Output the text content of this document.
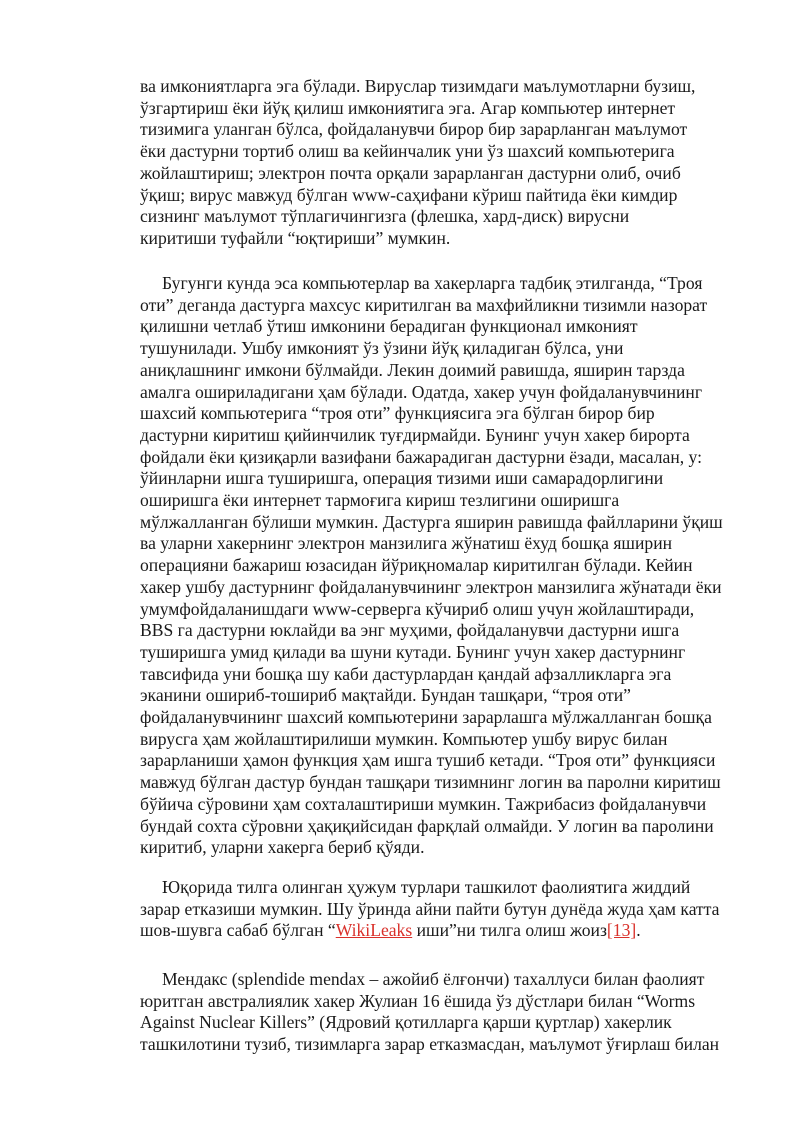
ва имкониятларга эга бўлади. Вируслар тизимдаги маълумотларни бузиш,
ўзгартириш ёки йўқ қилиш имкониятига эга. Агар компьютер интернет
тизимига уланган бўлса, фойдаланувчи бирор бир зарарланган маълумот
ёки дастурни тортиб олиш ва кейинчалик уни ўз шахсий компьютерига
жойлаштириш; электрон почта орқали зарарланган дастурни олиб, очиб
ўқиш; вирус мавжуд бўлган www-саҳифани кўриш пайтида ёки кимдир
сизнинг маълумот тўплагичингизга (флешка, хард-диск) вирусни
киритиши туфайли “юқтириши” мумкин.
  Бугунги кунда эса компьютерлар ва хакерларга тадбиқ этилганда, “Троя
оти” деганда дастурга махсус киритилган ва махфийликни тизимли назорат
қилишни четлаб ўтиш имконини берадиган функционал имконият
тушунилади. Ушбу имконият ўз ўзини йўқ қиладиган бўлса, уни
аниқлашнинг имкони бўлмайди. Лекин доимий равишда, яширин тарзда
амалга ошириладигани ҳам бўлади. Одатда, хакер учун фойдаланувчининг
шахсий компьютерига “троя оти” функциясига эга бўлган бирор бир
дастурни киритиш қийинчилик туғдирмайди. Бунинг учун хакер бирорта
фойдали ёки қизиқарли вазифани бажарадиган дастурни ёзади, масалан, у:
ўйинларни ишга туширишга, операция тизими иши самарадорлигини
оширишга ёки интернет тармоғига кириш тезлигини оширишга
мўлжалланган бўлиши мумкин. Дастурга яширин равишда файлларини ўқиш
ва уларни хакернинг электрон манзилига жўнатиш ёхуд бошқа яширин
операцияни бажариш юзасидан йўриқномалар киритилган бўлади. Кейин
хакер ушбу дастурнинг фойдаланувчининг электрон манзилига жўнатади ёки
умумфойдаланишдаги www-серверга кўчириб олиш учун жойлаштиради,
BBS га дастурни юклайди ва энг муҳими, фойдаланувчи дастурни ишга
туширишга умид қилади ва шуни кутади. Бунинг учун хакер дастурнинг
тавсифида уни бошқа шу каби дастурлардан қандай афзалликларга эга
эканини ошириб-тошириб мақтайди. Бундан ташқари, “троя оти”
фойдаланувчининг шахсий компьютерини зарарлашга мўлжалланган бошқа
вирусга ҳам жойлаштирилиши мумкин. Компьютер ушбу вирус билан
зарарланиши ҳамон функция ҳам ишга тушиб кетади. “Троя оти” функцияси
мавжуд бўлган дастур бундан ташқари тизимнинг логин ва паролни киритиш
бўйича сўровини ҳам сохталаштириши мумкин. Тажрибасиз фойдаланувчи
бундай сохта сўровни ҳақиқийсидан фарқлай олмайди. У логин ва паролини
киритиб, уларни хакерга бериб қўяди.
  Юқорида тилга олинган ҳужум турлари ташкилот фаолиятига жиддий
зарар етказиши мумкин. Шу ўринда айни пайти бутун дунёда жуда ҳам катта
шов-шувга сабаб бўлган “WikiLeaks иши”ни тилга олиш жоиз[13].
  Мендакс (splendide mendax – ажойиб ёлғончи) тахаллуси билан фаолият
юритган австралиялик хакер Жулиан 16 ёшида ўз дўстлари билан “Worms
Against Nuclear Killers” (Ядровий қотилларга қарши қуртлар) хакерлик
ташкилотини тузиб, тизимларга зарар етказмасдан, маълумот ўғирлаш билан
